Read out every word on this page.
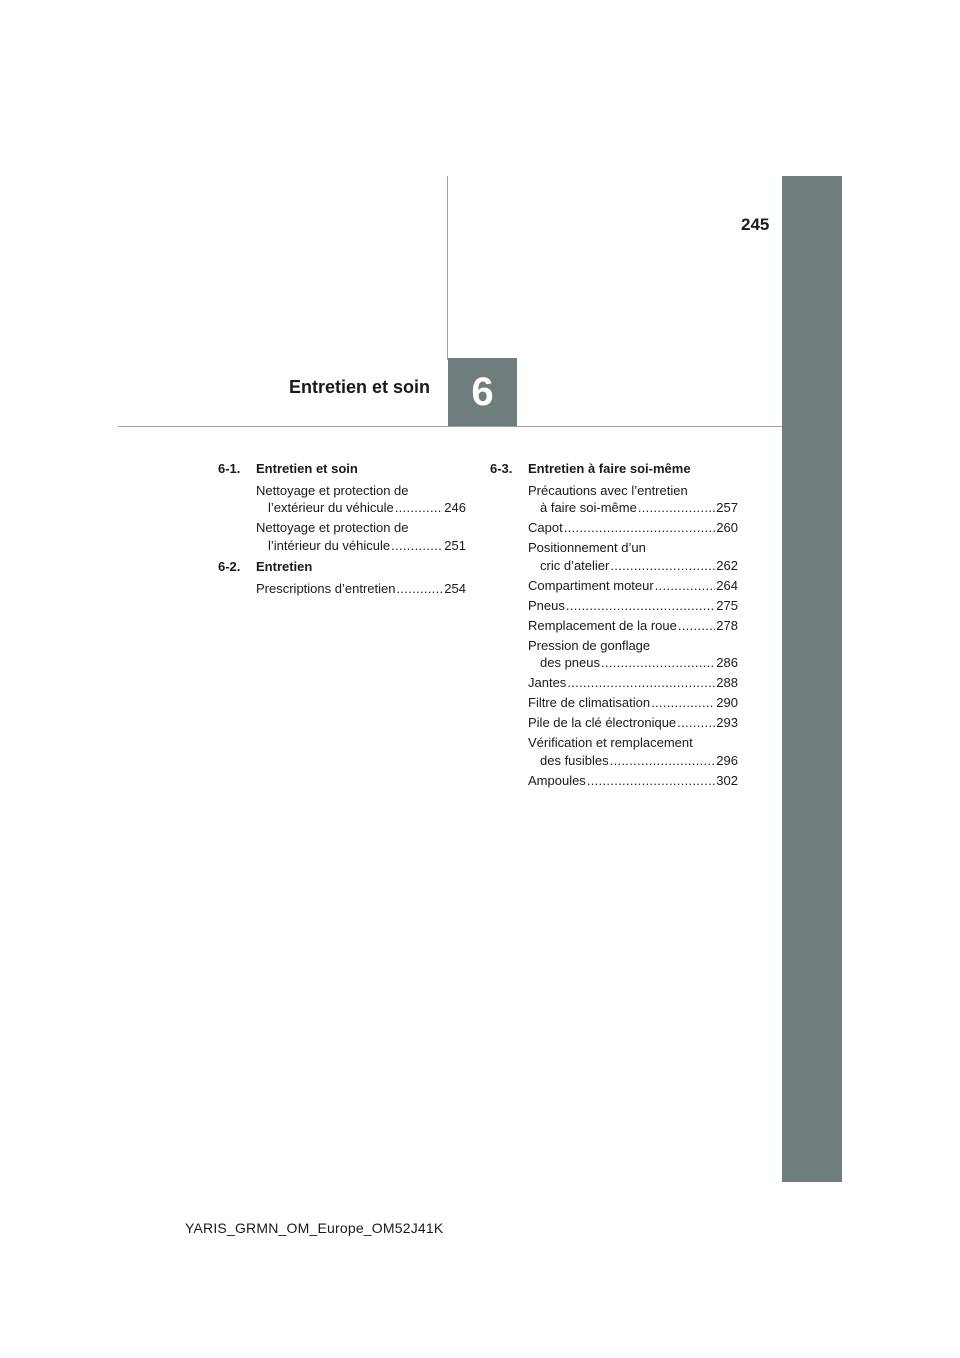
245
Entretien et soin 6
6-1. Entretien et soin
Nettoyage et protection de
l’extérieur du véhicule .....	246
Nettoyage et protection de
l’intérieur du véhicule .....	251
6-2. Entretien
Prescriptions d’entretien .....	254
6-3. Entretien à faire soi-même
Précautions avec l’entretien
à faire soi-même .....	257
Capot .....	260
Positionnement d’un
cric d’atelier .....	262
Compartiment moteur .....	264
Pneus .....	275
Remplacement de la roue .....	278
Pression de gonflage
des pneus .....	286
Jantes .....	288
Filtre de climatisation .....	290
Pile de la clé électronique .....	293
Vérification et remplacement
des fusibles .....	296
Ampoules .....	302
YARIS_GRMN_OM_Europe_OM52J41K
